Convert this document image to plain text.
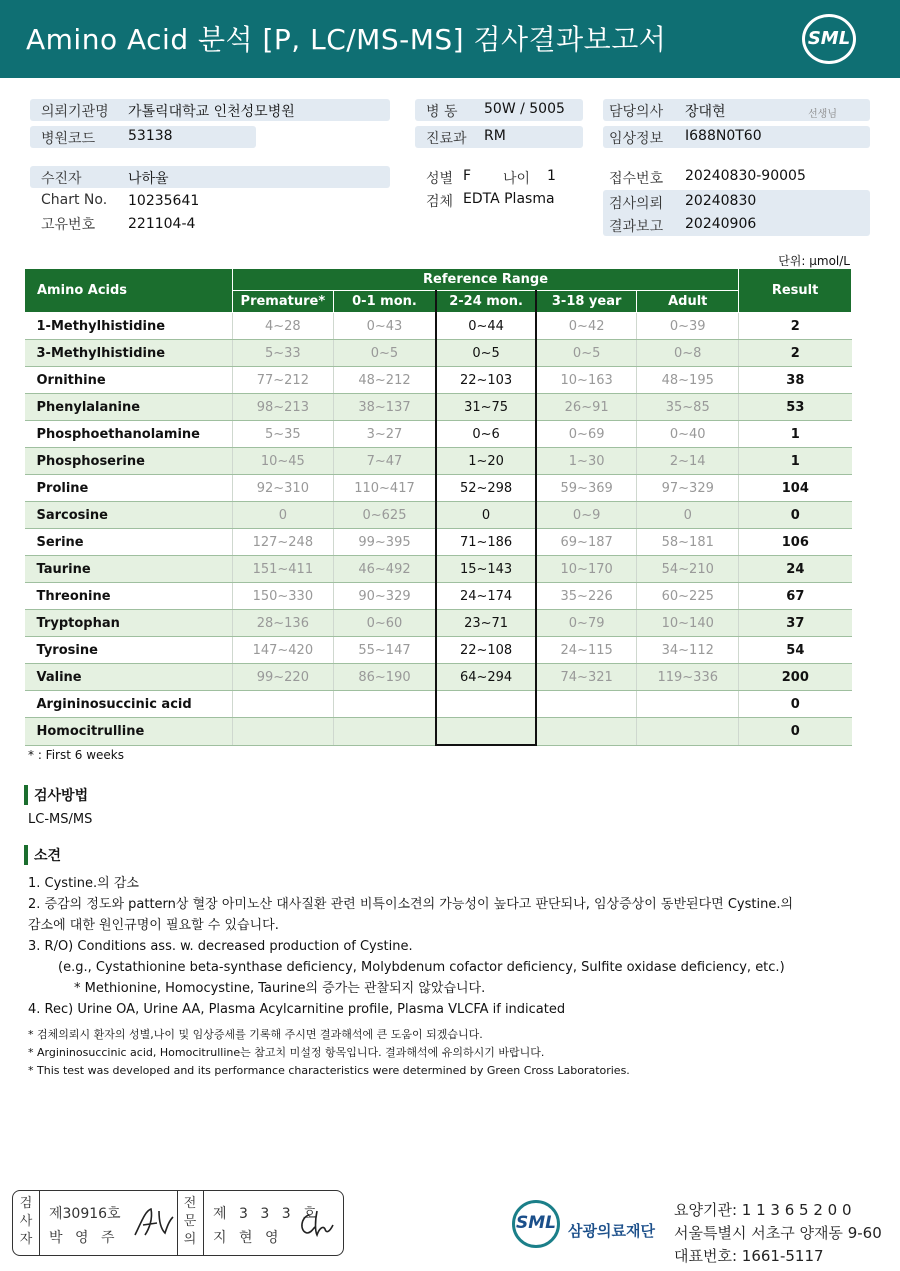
Amino Acid 분석 [P, LC/MS-MS] 검사결과보고서	SML
의뢰기관명 가톨릭대학교 인천성모병원
병원코드 53138
병 동 50W / 5005
진료과 RM
담당의사 장대현	선생님
임상정보 I688N0T60
수진자	나하율
Chart No. 10235641
고유번호 221104-4
성별 F 나이 1
검체 EDTA Plasma
접수번호 20240830-90005
검사의뢰 20240830
결과보고 20240906
단위: μmol/L
Amino Acids	Reference Range					Result
	Premature*	0-1 mon.	2-24 mon.	3-18 year	Adult	
1-Methylhistidine	4~28	0~43	0~44	0~42	0~39	2
3-Methylhistidine	5~33	0~5	0~5	0~5	0~8	2
Ornithine	77~212	48~212	22~103	10~163	48~195	38
Phenylalanine	98~213	38~137	31~75	26~91	35~85	53
Phosphoethanolamine	5~35	3~27	0~6	0~69	0~40	1
Phosphoserine	10~45	7~47	1~20	1~30	2~14	1
Proline	92~310	110~417	52~298	59~369	97~329	104
Sarcosine	0	0~625	0	0~9	0	0
Serine	127~248	99~395	71~186	69~187	58~181	106
Taurine	151~411	46~492	15~143	10~170	54~210	24
Threonine	150~330	90~329	24~174	35~226	60~225	67
Tryptophan	28~136	0~60	23~71	0~79	10~140	37
Tyrosine	147~420	55~147	22~108	24~115	34~112	54
Valine	99~220	86~190	64~294	74~321	119~336	200
Argininosuccinic acid						0
Homocitrulline						0
* : First 6 weeks
검사방법
LC-MS/MS
소견
1. Cystine.의 감소
2. 증감의 정도와 pattern상 혈장 아미노산 대사질환 관련 비특이소견의 가능성이 높다고 판단되나, 임상증상이 동반된다면 Cystine.의
감소에 대한 원인규명이 필요할 수 있습니다.
3. R/O) Conditions ass. w. decreased production of Cystine.
(e.g., Cystathionine beta-synthase deficiency, Molybdenum cofactor deficiency, Sulfite oxidase deficiency, etc.)
* Methionine, Homocystine, Taurine의 증가는 관찰되지 않았습니다.
4. Rec) Urine OA, Urine AA, Plasma Acylcarnitine profile, Plasma VLCFA if indicated
* 검체의뢰시 환자의 성별,나이 및 임상증세를 기록해 주시면 결과해석에 큰 도움이 되겠습니다.
* Argininosuccinic acid, Homocitrulline는 참고치 미설정 항목입니다. 결과해석에 유의하시기 바랍니다.
* This test was developed and its performance characteristics were determined by Green Cross Laboratories.
검
사
자
제30916호
박 영 주
전
문
의
제 3 3 3 호
지 현 영
SML 삼광의료재단
요양기관: 1 1 3 6 5 2 0 0
서울특별시 서초구 양재동 9-60
대표번호: 1661-5117
